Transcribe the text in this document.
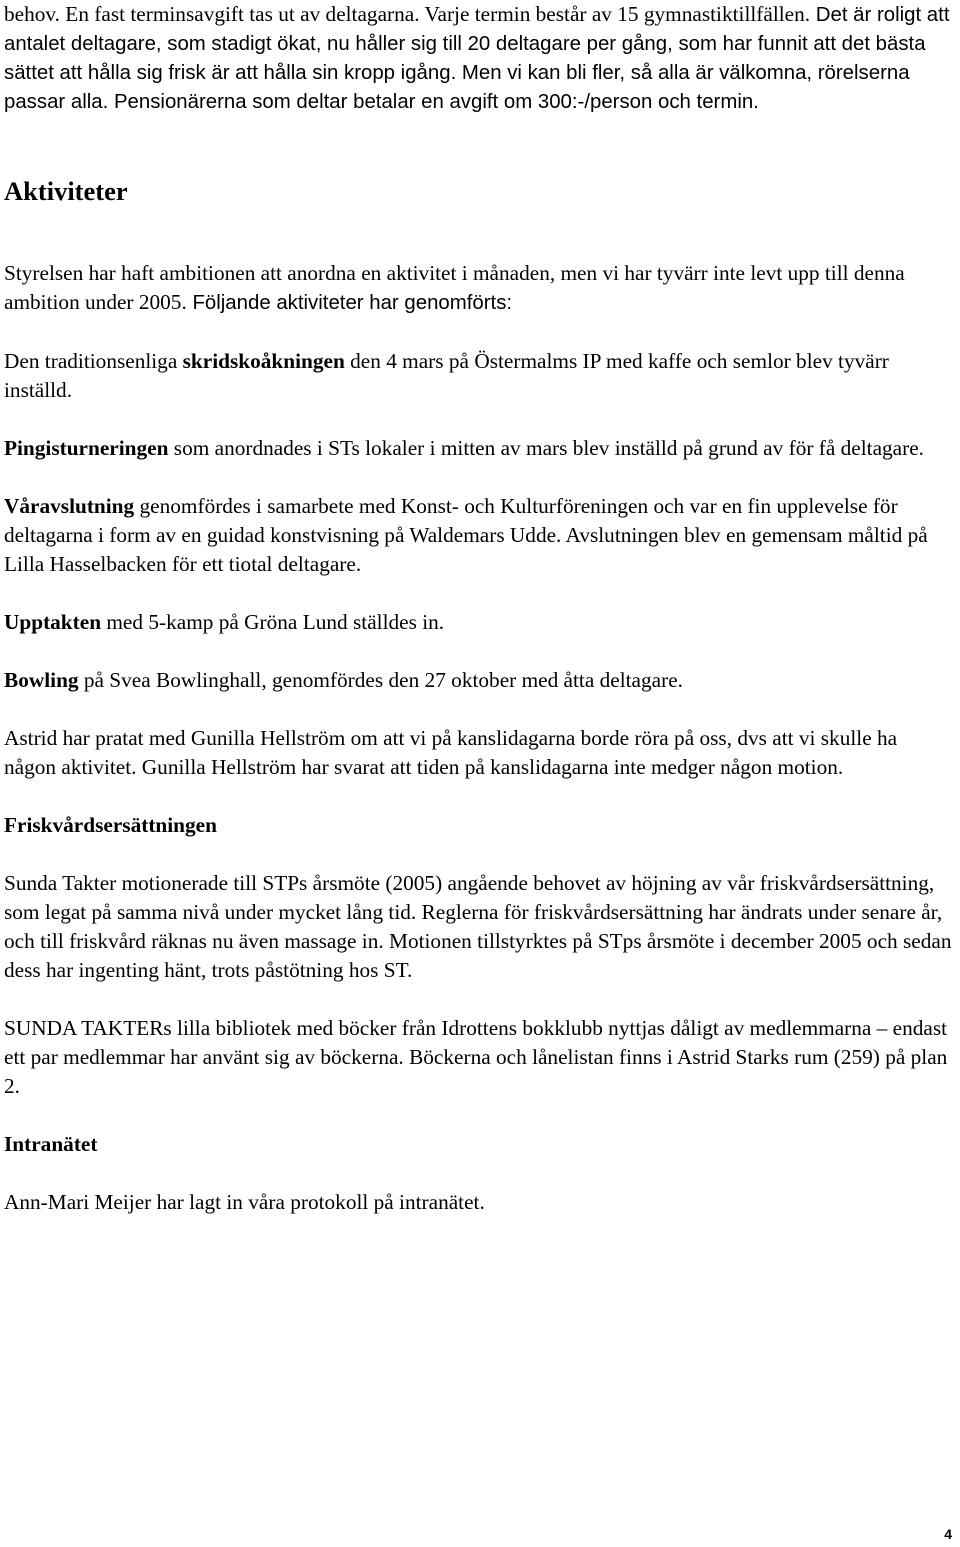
behov. En fast terminsavgift tas ut av deltagarna. Varje termin består av 15 gymnastiktillfällen. Det är roligt att antalet deltagare, som stadigt ökat, nu håller sig till 20 deltagare per gång, som har funnit att det bästa sättet att hålla sig frisk är att hålla sin kropp igång. Men vi kan bli fler, så alla är välkomna, rörelserna passar alla. Pensionärerna som deltar betalar en avgift om 300:-/person och termin.

Aktiviteter

Styrelsen har haft ambitionen att anordna en aktivitet i månaden, men vi har tyvärr inte levt upp till denna ambition under 2005. Följande aktiviteter har genomförts:

Den traditionsenliga skridskoåkningen den 4 mars på Östermalms IP med kaffe och semlor blev tyvärr inställd.

Pingisturneringen som anordnades i STs lokaler i mitten av mars blev inställd på grund av för få deltagare.

Våravslutning genomfördes i samarbete med Konst- och Kulturföreningen och var en fin upplevelse för deltagarna i form av en guidad konstvisning på Waldemars Udde. Avslutningen blev en gemensam måltid på Lilla Hasselbacken för ett tiotal deltagare.

Upptakten med 5-kamp på Gröna Lund ställdes in.

Bowling på Svea Bowlinghall, genomfördes den 27 oktober med åtta deltagare.

Astrid har pratat med Gunilla Hellström om att vi på kanslidagarna borde röra på oss, dvs att vi skulle ha någon aktivitet. Gunilla Hellström har svarat att tiden på kanslidagarna inte medger någon motion.

Friskvårdsersättningen

Sunda Takter motionerade till STPs årsmöte (2005) angående behovet av höjning av vår friskvårdsersättning, som legat på samma nivå under mycket lång tid. Reglerna för friskvårdsersättning har ändrats under senare år, och till friskvård räknas nu även massage in. Motionen tillstyrktes på STps årsmöte i december 2005 och sedan dess har ingenting hänt, trots påstötning hos ST.

SUNDA TAKTERs lilla bibliotek med böcker från Idrottens bokklubb nyttjas dåligt av medlemmarna – endast ett par medlemmar har använt sig av böckerna. Böckerna och lånelistan finns i Astrid Starks rum (259) på plan 2.

Intranätet

Ann-Mari Meijer har lagt in våra protokoll på intranätet.

4
